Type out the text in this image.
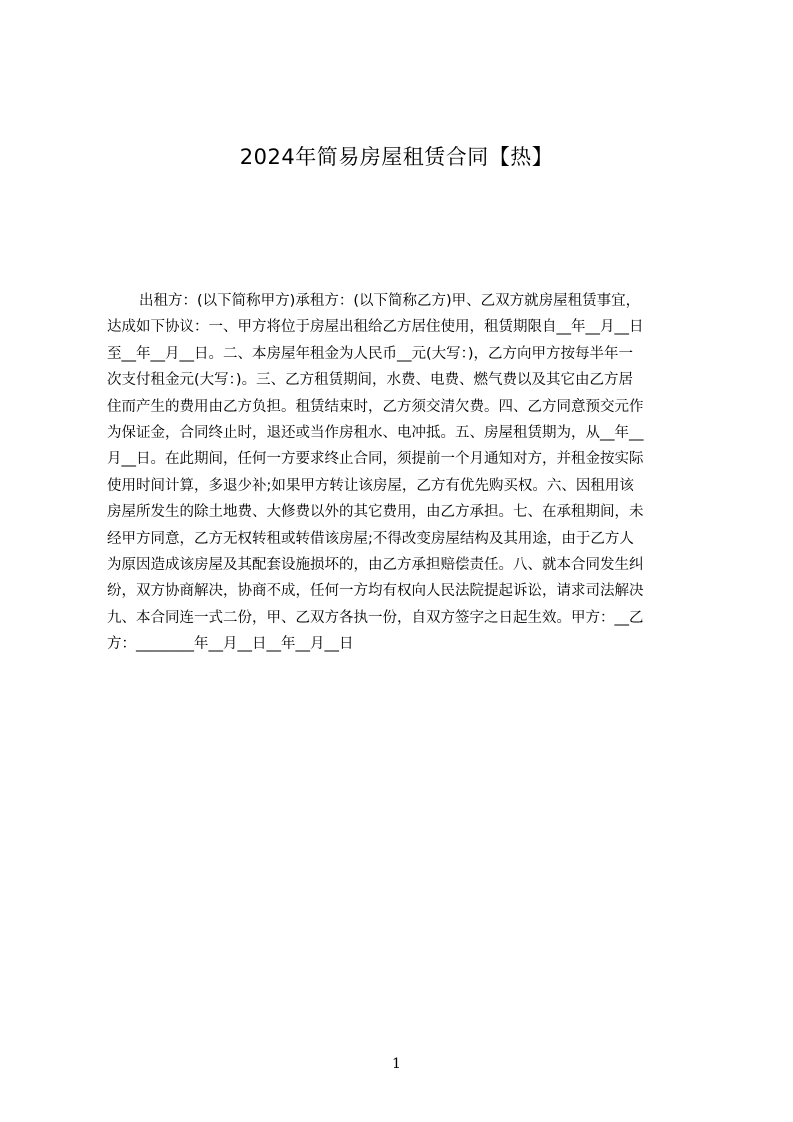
2024年简易房屋租赁合同【热】
出租方：(以下简称甲方)承租方：(以下简称乙方)甲、乙双方就房屋租赁事宜，
达成如下协议：一、甲方将位于房屋出租给乙方居住使用，租赁期限自__年__月__日
至__年__月__日。二、本房屋年租金为人民币__元(大写：)，乙方向甲方按每半年一
次支付租金元(大写：)。三、乙方租赁期间，水费、电费、燃气费以及其它由乙方居
住而产生的费用由乙方负担。租赁结束时，乙方须交清欠费。四、乙方同意预交元作
为保证金，合同终止时，退还或当作房租水、电冲抵。五、房屋租赁期为，从__年__
月__日。在此期间，任何一方要求终止合同，须提前一个月通知对方，并租金按实际
使用时间计算，多退少补;如果甲方转让该房屋，乙方有优先购买权。六、因租用该
房屋所发生的除土地费、大修费以外的其它费用，由乙方承担。七、在承租期间，未
经甲方同意，乙方无权转租或转借该房屋;不得改变房屋结构及其用途，由于乙方人
为原因造成该房屋及其配套设施损坏的，由乙方承担赔偿责任。八、就本合同发生纠
纷，双方协商解决，协商不成，任何一方均有权向人民法院提起诉讼，请求司法解决
九、本合同连一式二份，甲、乙双方各执一份，自双方签字之日起生效。甲方：__乙
方：________年__月__日__年__月__日
1
